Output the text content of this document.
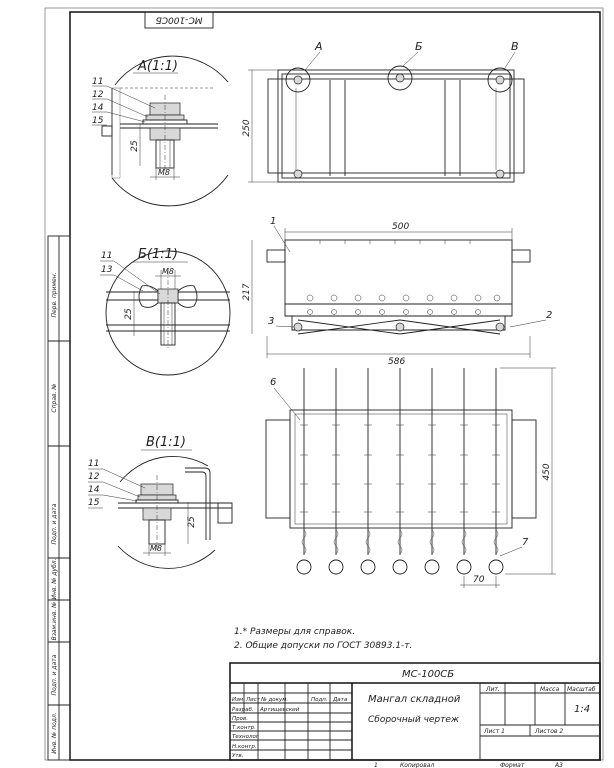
МС-100СБ
Перв. примен.
Справ. №
Подп. и дата
Инв. № дубл.
Взам.инв. №
Подп. и дата
Инв. № подл.
А(1:1)
11
12
14
15
25
М8
Б(1:1)
11
13	М8
25
В(1:1)
11
12
14
15
25
М8
А	Б	В
250
500
217
586
1
2
3
450
70
6
7
1.* Размеры для справок.
2. Общие допуски по ГОСТ 30893.1-т.
МС-100СБ
Мангал складной
Сборочный чертеж
Изм. Лист № докум.	Подп. Дата
Разраб. Артищевский
Пров.
Т.контр.
Технолог
Н.контр.
Утв.
Лит.	Масса Масштаб
1:4
Лист 1	Листов 2
1	Копировал	Формат	А3
